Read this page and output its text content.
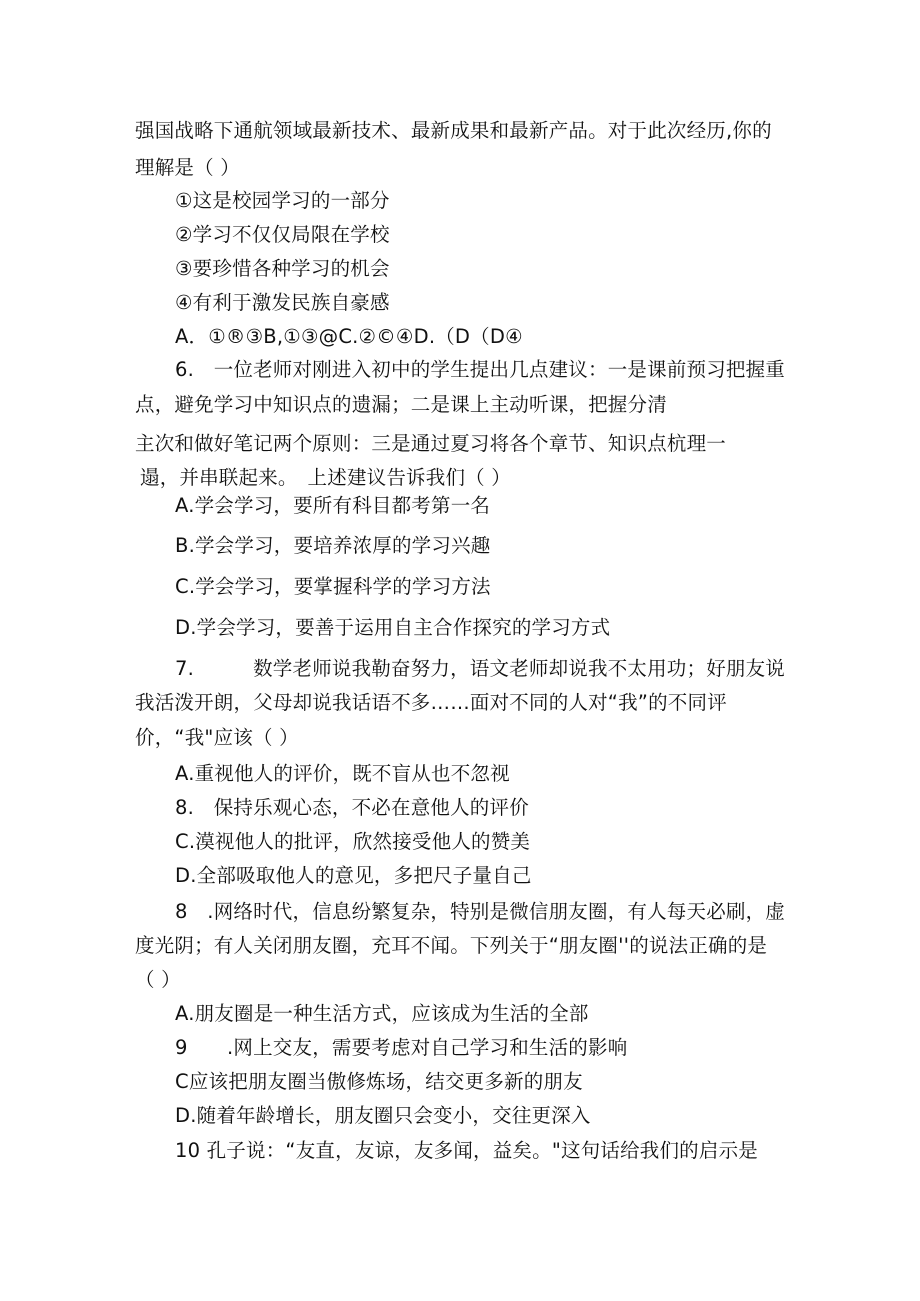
强国战略下通航领域最新技术、最新成果和最新产品。对于此次经历,你的
理解是（ ）
①这是校园学习的一部分
②学习不仅仅局限在学校
③要珍惜各种学习的机会
④有利于激发民族自豪感
A．①®③B,①③@C.②©④D.（D（D④
6.　一位老师对刚进入初中的学生提出几点建议：一是课前预习把握重
点，避免学习中知识点的遗漏；二是课上主动听课，把握分清
主次和做好笔记两个原则：三是通过夏习将各个章节、知识点杭理一
遢，并串联起来。　上述建议告诉我们（ ）
A.学会学习，要所有科目都考第一名
B.学会学习，要培养浓厚的学习兴趣
C.学会学习，要掌握科学的学习方法
D.学会学习，要善于运用自主合作探究的学习方式
7.　　　数学老师说我勒奋努力，语文老师却说我不太用功；好朋友说
我活泼开朗，父母却说我话语不多……面对不同的人对“我”的不同评
价，“我"应该（ ）
A.重视他人的评价，既不盲从也不忽视
8.　保持乐观心态，不必在意他人的评价
C.漠视他人的批评，欣然接受他人的赞美
D.全部吸取他人的意见，多把尺子量自己
8　.网络时代，信息纷繁复杂，特别是微信朋友圈，有人每天必刷，虚
度光阴；有人关闭朋友圈，充耳不闻。下列关于“朋友圈''的说法正确的是
（ ）
A.朋友圈是一种生活方式，应该成为生活的全部
9　　.网上交友，需要考虑对自己学习和生活的影响
C应该把朋友圈当傲修炼场，结交更多新的朋友
D.随着年龄增长，朋友圈只会变小，交往更深入
10 孔子说：“友直，友谅，友多闻，益矣。"这句话给我们的启示是
